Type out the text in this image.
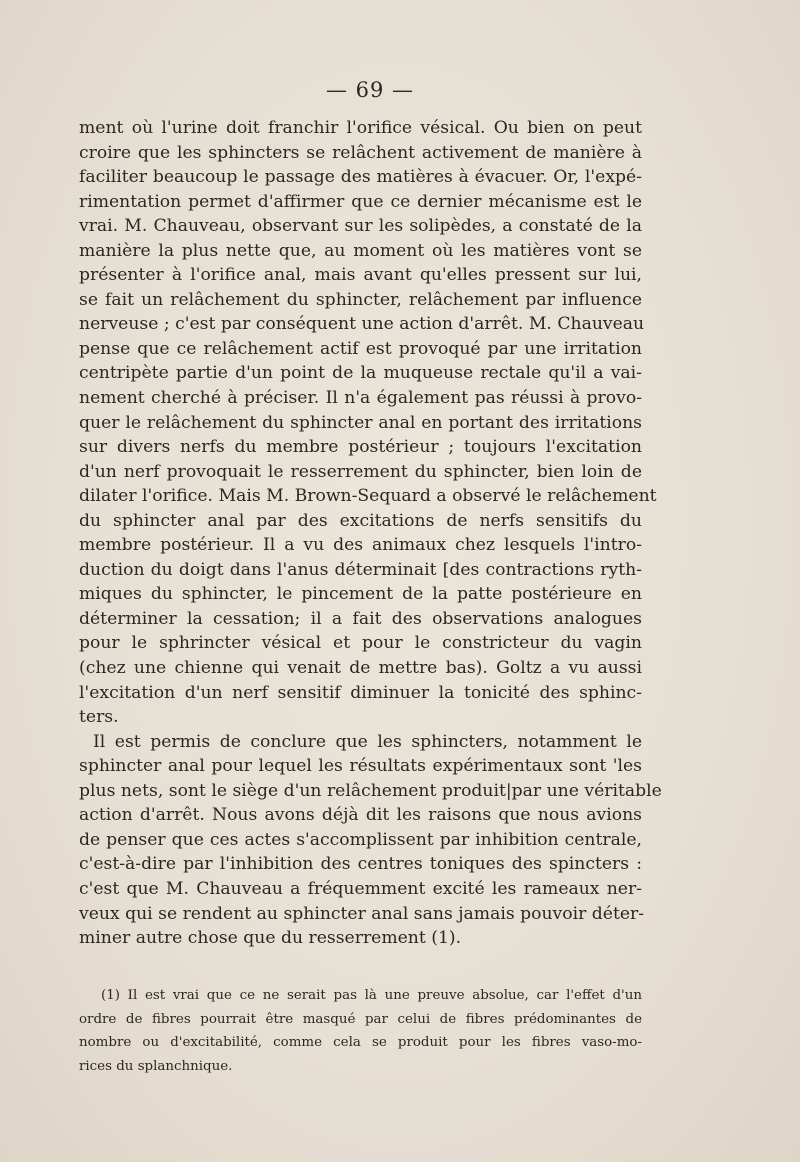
— 69 —

ment où l'urine doit franchir l'orifice vésical. Ou bien on peut
croire que les sphincters se relâchent activement de manière à
faciliter beaucoup le passage des matières à évacuer. Or, l'expé-
rimentation permet d'affirmer que ce dernier mécanisme est le
vrai. M. Chauveau, observant sur les solipèdes, a constaté de la
manière la plus nette que, au moment où les matières vont se
présenter à l'orifice anal, mais avant qu'elles pressent sur lui,
se fait un relâchement du sphincter, relâchement par influence
nerveuse ; c'est par conséquent une action d'arrêt. M. Chauveau
pense que ce relâchement actif est provoqué par une irritation
centripète partie d'un point de la muqueuse rectale qu'il a vai-
nement cherché à préciser. Il n'a également pas réussi à provo-
quer le relâchement du sphincter anal en portant des irritations
sur divers nerfs du membre postérieur ; toujours l'excitation
d'un nerf provoquait le resserrement du sphincter, bien loin de
dilater l'orifice. Mais M. Brown-Sequard a observé le relâchement
du sphincter anal par des excitations de nerfs sensitifs du
membre postérieur. Il a vu des animaux chez lesquels l'intro-
duction du doigt dans l'anus déterminait [des contractions ryth-
miques du sphincter, le pincement de la patte postérieure en
déterminer la cessation; il a fait des observations analogues
pour le sphrincter vésical et pour le constricteur du vagin
(chez une chienne qui venait de mettre bas). Goltz a vu aussi
l'excitation d'un nerf sensitif diminuer la tonicité des sphinc-
ters.

Il est permis de conclure que les sphincters, notamment le
sphincter anal pour lequel les résultats expérimentaux sont 'les
plus nets, sont le siège d'un relâchement produit|par une véritable
action d'arrêt. Nous avons déjà dit les raisons que nous avions
de penser que ces actes s'accomplissent par inhibition centrale,
c'est-à-dire par l'inhibition des centres toniques des spincters :
c'est que M. Chauveau a fréquemment excité les rameaux ner-
veux qui se rendent au sphincter anal sans jamais pouvoir déter-
miner autre chose que du resserrement (1).

(1) Il est vrai que ce ne serait pas là une preuve absolue, car l'effet d'un
ordre de fibres pourrait être masqué par celui de fibres prédominantes de
nombre ou d'excitabilité, comme cela se produit pour les fibres vaso-mo-
rices du splanchnique.
